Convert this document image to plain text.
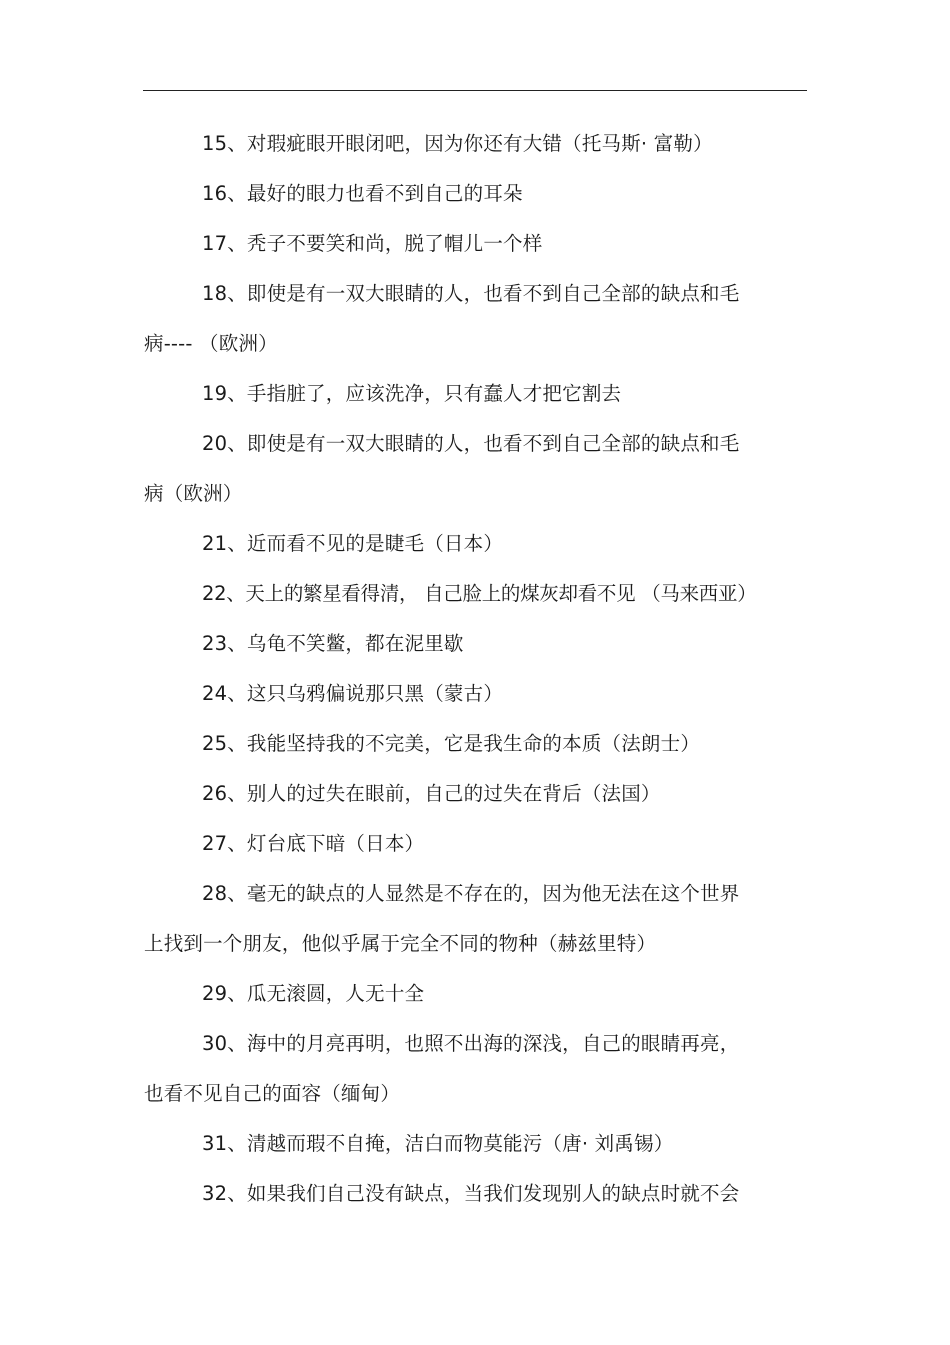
15、对瑕疵眼开眼闭吧，因为你还有大错（托马斯· 富勒）
16、最好的眼力也看不到自己的耳朵
17、秃子不要笑和尚，脱了帽儿一个样
18、即使是有一双大眼睛的人，也看不到自己全部的缺点和毛
病---- （欧洲）
19、手指脏了，应该洗净，只有蠢人才把它割去
20、即使是有一双大眼睛的人，也看不到自己全部的缺点和毛
病（欧洲）
21、近而看不见的是睫毛（日本）
22、天上的繁星看得清， 自己脸上的煤灰却看不见 （马来西亚）
23、乌龟不笑鳖，都在泥里歇
24、这只乌鸦偏说那只黑（蒙古）
25、我能坚持我的不完美，它是我生命的本质（法朗士）
26、别人的过失在眼前，自己的过失在背后（法国）
27、灯台底下暗（日本）
28、毫无的缺点的人显然是不存在的，因为他无法在这个世界
上找到一个朋友，他似乎属于完全不同的物种（赫兹里特）
29、瓜无滚圆，人无十全
30、海中的月亮再明，也照不出海的深浅，自己的眼睛再亮，
也看不见自己的面容（缅甸）
31、清越而瑕不自掩，洁白而物莫能污（唐· 刘禹锡）
32、如果我们自己没有缺点，当我们发现别人的缺点时就不会
